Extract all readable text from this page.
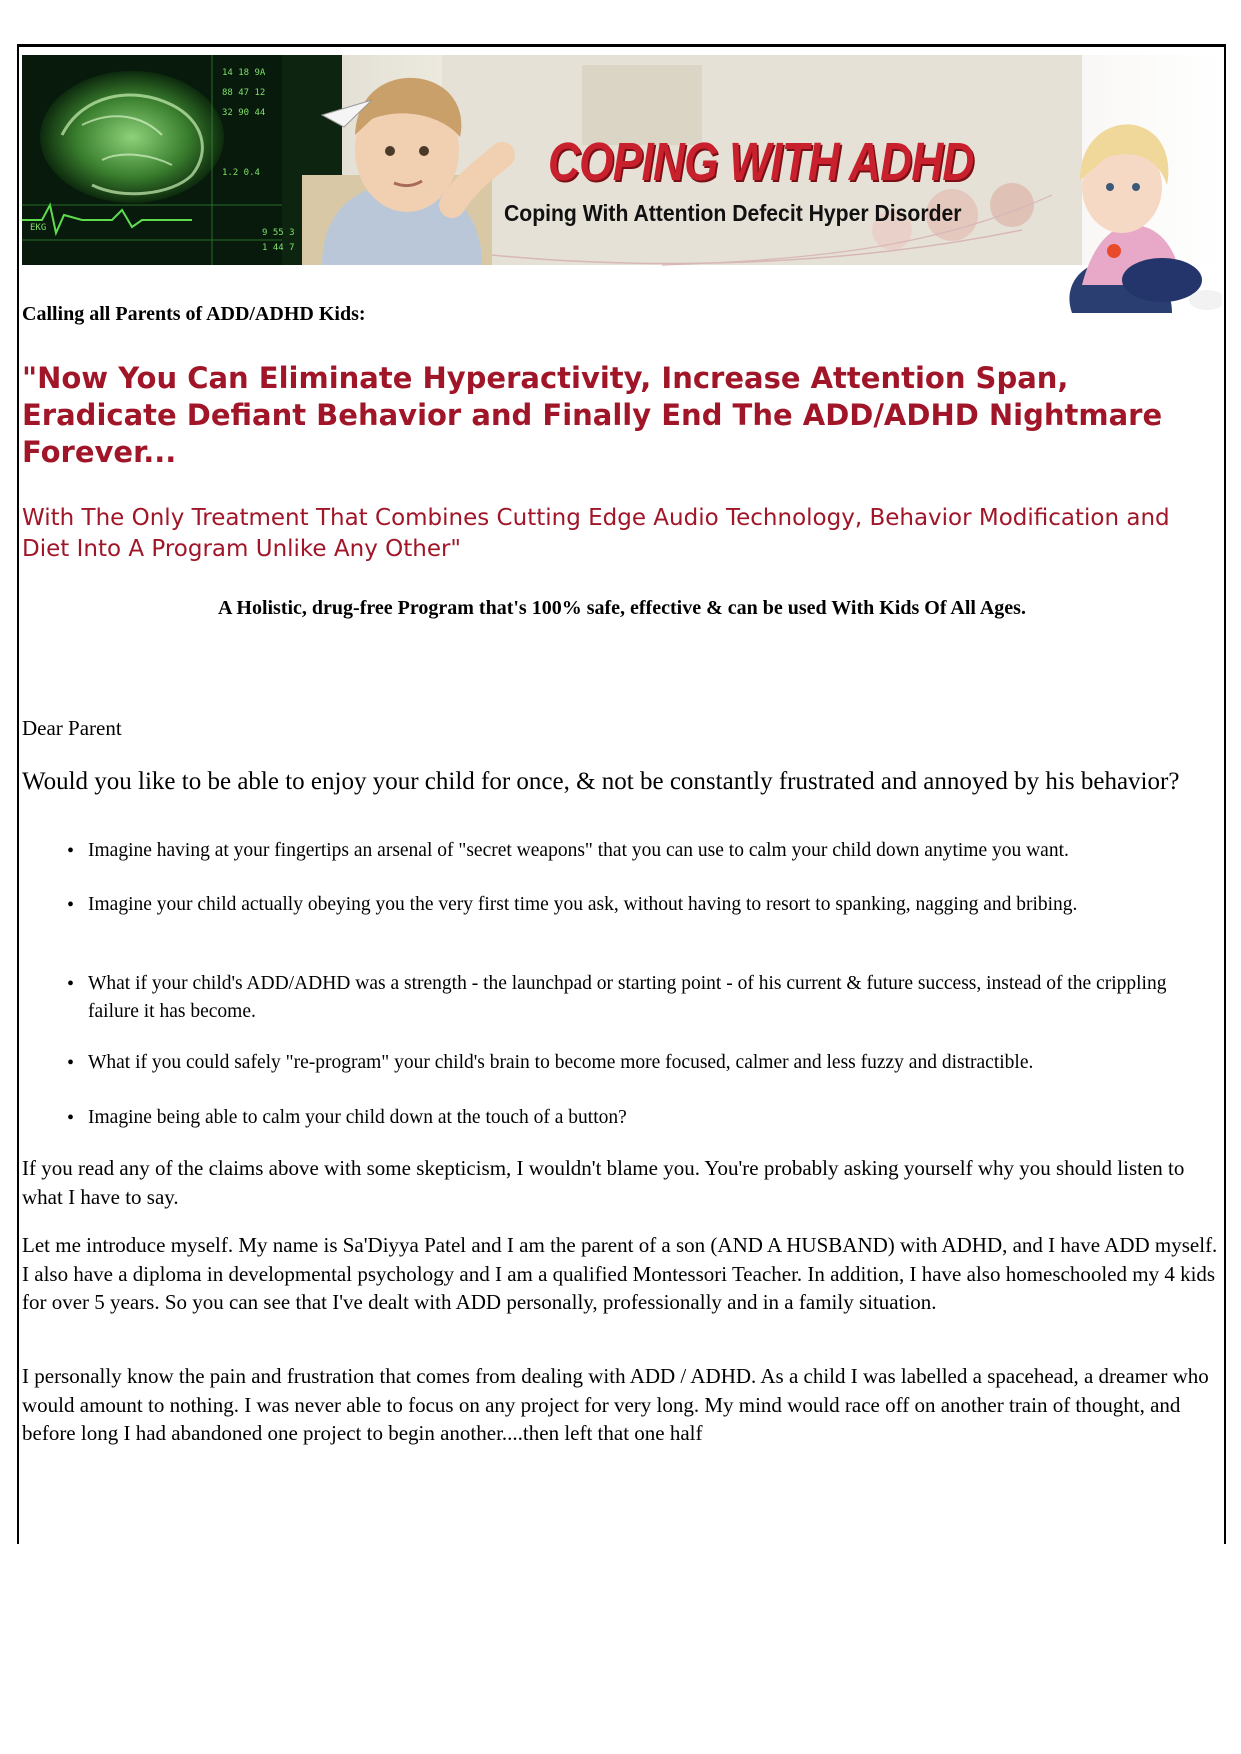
EKG
14 18 9A
88 47 12
32 90 44
1.2 0.4
9 55 3
1 44 7
COPING WITH ADHD
Coping With Attention Defecit Hyper Disorder
Calling all Parents of ADD/ADHD Kids:
"Now You Can Eliminate Hyperactivity, Increase Attention Span, Eradicate Defiant Behavior and Finally End The ADD/ADHD Nightmare Forever...

With The Only Treatment That Combines Cutting Edge Audio Technology, Behavior Modification and Diet Into A Program Unlike Any Other"

A Holistic, drug-free Program that's 100% safe, effective & can be used With Kids Of All Ages.
Dear Parent

Would you like to be able to enjoy your child for once, & not be constantly frustrated and annoyed by his behavior?

• Imagine having at your fingertips an arsenal of "secret weapons" that you can use to calm your child down anytime you want.
• Imagine your child actually obeying you the very first time you ask, without having to resort to spanking, nagging and bribing.
• What if your child's ADD/ADHD was a strength - the launchpad or starting point - of his current & future success, instead of the crippling failure it has become.
• What if you could safely "re-program" your child's brain to become more focused, calmer and less fuzzy and distractible.
• Imagine being able to calm your child down at the touch of a button?

If you read any of the claims above with some skepticism, I wouldn't blame you. You're probably asking yourself why you should listen to what I have to say.

Let me introduce myself. My name is Sa'Diyya Patel and I am the parent of a son (AND A HUSBAND) with ADHD, and I have ADD myself. I also have a diploma in developmental psychology and I am a qualified Montessori Teacher. In addition, I have also homeschooled my 4 kids for over 5 years. So you can see that I've dealt with ADD personally, professionally and in a family situation.

I personally know the pain and frustration that comes from dealing with ADD / ADHD. As a child I was labelled a spacehead, a dreamer who would amount to nothing. I was never able to focus on any project for very long. My mind would race off on another train of thought, and before long I had abandoned one project to begin another....then left that one half
